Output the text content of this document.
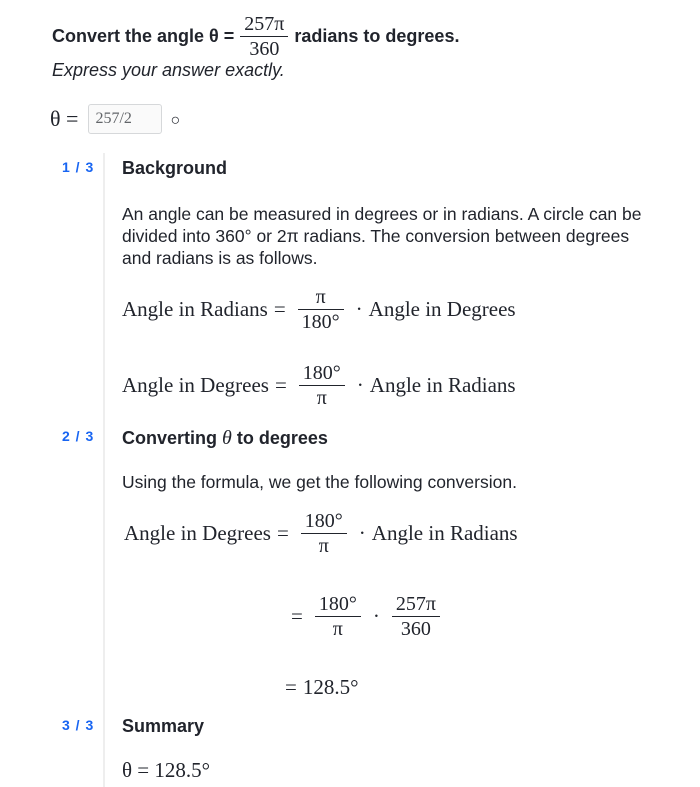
Convert the angle $\theta = \frac{257\pi}{360}$ radians to degrees.
Express your answer exactly.
θ =
257/2	○
1 / 3 Background
An angle can be measured in degrees or in radians. A circle can be divided into 360° or 2π radians. The conversion between degrees and radians is as follows.
Angle in Radians = $\frac{\pi}{180^\circ}$ · Angle in Degrees
Angle in Degrees = $\frac{180^\circ}{\pi}$ · Angle in Radians
2 / 3 Converting θ to degrees
Using the formula, we get the following conversion.
Angle in Degrees = $\frac{180^\circ}{\pi}$ · Angle in Radians
= $\frac{180^\circ}{\pi} \cdot \frac{257\pi}{360}$
= 128.5°
3 / 3 Summary
θ = 128.5°
